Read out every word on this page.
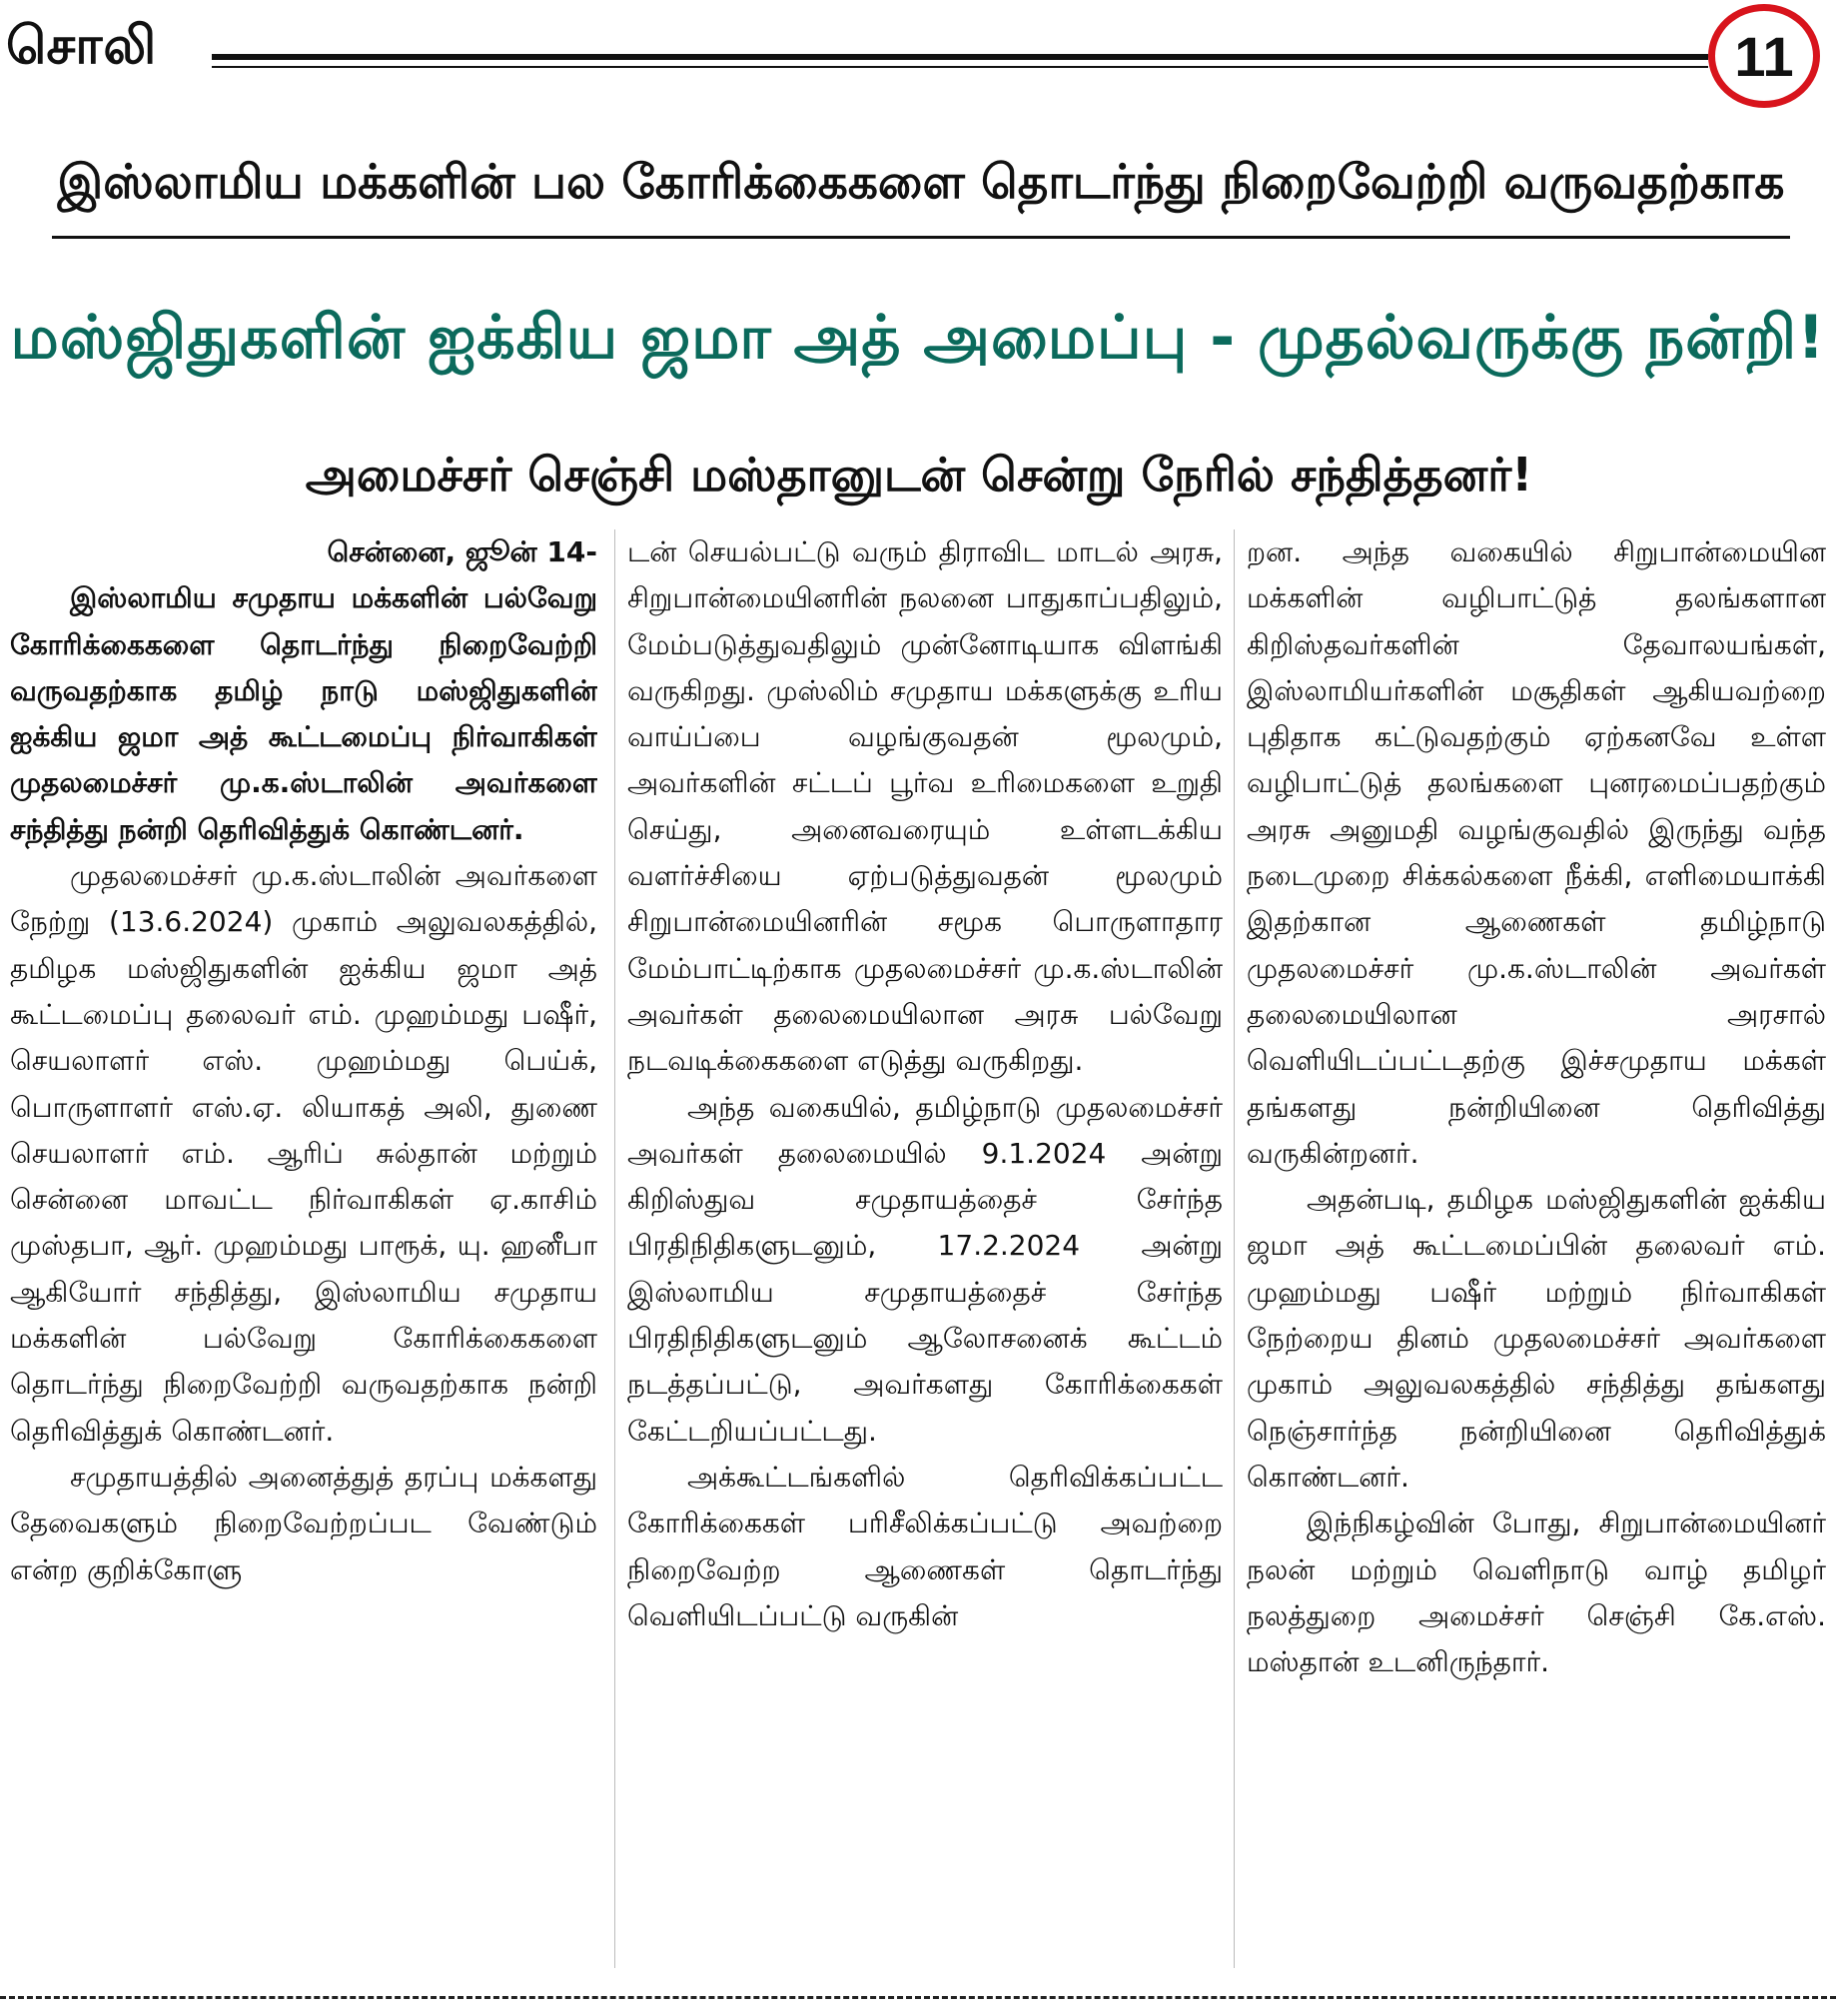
சொலி	11
இஸ்லாமிய மக்களின் பல கோரிக்கைகளை தொடர்ந்து நிறைவேற்றி வருவதற்காக
மஸ்ஜிதுகளின் ஐக்கிய ஜமா அத் அமைப்பு - முதல்வருக்கு நன்றி!
அமைச்சர் செஞ்சி மஸ்தானுடன் சென்று நேரில் சந்தித்தனர்!

சென்னை, ஜூன் 14-

இஸ்லாமிய சமுதாய மக்களின் பல்வேறு கோரிக்கைகளை தொடர்ந்து நிறைவேற்றி வருவதற்காக தமிழ் நாடு மஸ்ஜிதுகளின் ஐக்கிய ஜமா அத் கூட்டமைப்பு நிர்வாகிகள் முதலமைச்சர் மு.க.ஸ்டாலின் அவர்களை சந்தித்து நன்றி தெரிவித்துக் கொண்டனர்.

முதலமைச்சர் மு.க.ஸ்டாலின் அவர்களை நேற்று (13.6.2024) முகாம் அலுவலகத்தில், தமிழக மஸ்ஜிதுகளின் ஐக்கிய ஜமா அத் கூட்டமைப்பு தலைவர் எம். முஹம்மது பஷீர், செயலாளர் எஸ். முஹம்மது பெய்க், பொருளாளர் எஸ்.ஏ. லியாகத் அலி, துணை செயலாளர் எம். ஆரிப் சுல்தான் மற்றும் சென்னை மாவட்ட நிர்வாகிகள் ஏ.காசிம் முஸ்தபா, ஆர். முஹம்மது பாரூக், யு. ஹனீபா ஆகியோர் சந்தித்து, இஸ்லாமிய சமுதாய மக்களின் பல்வேறு கோரிக்கைகளை தொடர்ந்து நிறைவேற்றி வருவதற்காக நன்றி தெரிவித்துக் கொண்டனர்.

சமுதாயத்தில் அனைத்துத் தரப்பு மக்களது தேவைகளும் நிறைவேற்றப்பட வேண்டும் என்ற குறிக்கோளு

டன் செயல்பட்டு வரும் திராவிட மாடல் அரசு, சிறுபான்மையினரின் நலனை பாதுகாப்பதிலும், மேம்படுத்துவதிலும் முன்னோடியாக விளங்கி வருகிறது. முஸ்லிம் சமுதாய மக்களுக்கு உரிய வாய்ப்பை வழங்குவதன் மூலமும், அவர்களின் சட்டப் பூர்வ உரிமைகளை உறுதி செய்து, அனைவரையும் உள்ளடக்கிய வளர்ச்சியை ஏற்படுத்துவதன் மூலமும் சிறுபான்மையினரின் சமூக பொருளாதார மேம்பாட்டிற்காக முதலமைச்சர் மு.க.ஸ்டாலின் அவர்கள் தலைமையிலான அரசு பல்வேறு நடவடிக்கைகளை எடுத்து வருகிறது.

அந்த வகையில், தமிழ்நாடு முதலமைச்சர் அவர்கள் தலைமையில் 9.1.2024 அன்று கிறிஸ்துவ சமுதாயத்தைச் சேர்ந்த பிரதிநிதிகளுடனும், 17.2.2024 அன்று இஸ்லாமிய சமுதாயத்தைச் சேர்ந்த பிரதிநிதிகளுடனும் ஆலோசனைக் கூட்டம் நடத்தப்பட்டு, அவர்களது கோரிக்கைகள் கேட்டறியப்பட்டது.

அக்கூட்டங்களில் தெரிவிக்கப்பட்ட கோரிக்கைகள் பரிசீலிக்கப்பட்டு அவற்றை நிறைவேற்ற ஆணைகள் தொடர்ந்து வெளியிடப்பட்டு வருகின்

றன. அந்த வகையில் சிறுபான்மையின மக்களின் வழிபாட்டுத் தலங்களான கிறிஸ்தவர்களின் தேவாலயங்கள், இஸ்லாமியர்களின் மசூதிகள் ஆகியவற்றை புதிதாக கட்டுவதற்கும் ஏற்கனவே உள்ள வழிபாட்டுத் தலங்களை புனரமைப்பதற்கும் அரசு அனுமதி வழங்குவதில் இருந்து வந்த நடைமுறை சிக்கல்களை நீக்கி, எளிமையாக்கி இதற்கான ஆணைகள் தமிழ்நாடு முதலமைச்சர் மு.க.ஸ்டாலின் அவர்கள் தலைமையிலான அரசால் வெளியிடப்பட்டதற்கு இச்சமுதாய மக்கள் தங்களது நன்றியினை தெரிவித்து வருகின்றனர்.

அதன்படி, தமிழக மஸ்ஜிதுகளின் ஐக்கிய ஜமா அத் கூட்டமைப்பின் தலைவர் எம். முஹம்மது பஷீர் மற்றும் நிர்வாகிகள் நேற்றைய தினம் முதலமைச்சர் அவர்களை முகாம் அலுவலகத்தில் சந்தித்து தங்களது நெஞ்சார்ந்த நன்றியினை தெரிவித்துக் கொண்டனர்.

இந்நிகழ்வின் போது, சிறுபான்மையினர் நலன் மற்றும் வெளிநாடு வாழ் தமிழர் நலத்துறை அமைச்சர் செஞ்சி கே.எஸ். மஸ்தான் உடனிருந்தார்.
